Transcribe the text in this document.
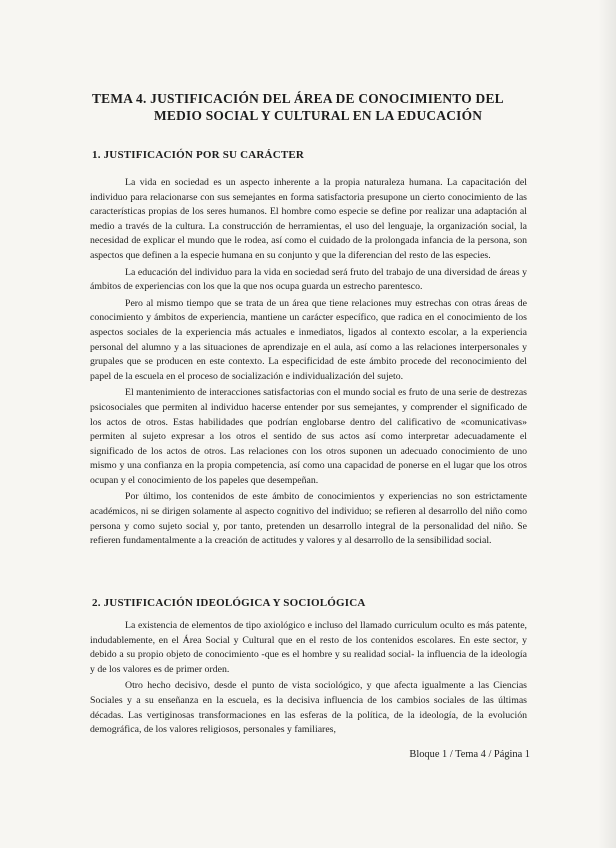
TEMA 4. JUSTIFICACIÓN DEL ÁREA DE CONOCIMIENTO DEL
MEDIO SOCIAL Y CULTURAL EN LA EDUCACIÓN
1. JUSTIFICACIÓN POR SU CARÁCTER

La vida en sociedad es un aspecto inherente a la propia naturaleza humana. La capacitación del individuo para relacionarse con sus semejantes en forma satisfactoria presupone un cierto conocimiento de las características propias de los seres humanos. El hombre como especie se define por realizar una adaptación al medio a través de la cultura. La construcción de herramientas, el uso del lenguaje, la organización social, la necesidad de explicar el mundo que le rodea, así como el cuidado de la prolongada infancia de la persona, son aspectos que definen a la especie humana en su conjunto y que la diferencian del resto de las especies.

La educación del individuo para la vida en sociedad será fruto del trabajo de una diversidad de áreas y ámbitos de experiencias con los que la que nos ocupa guarda un estrecho parentesco.

Pero al mismo tiempo que se trata de un área que tiene relaciones muy estrechas con otras áreas de conocimiento y ámbitos de experiencia, mantiene un carácter específico, que radica en el conocimiento de los aspectos sociales de la experiencia más actuales e inmediatos, ligados al contexto escolar, a la experiencia personal del alumno y a las situaciones de aprendizaje en el aula, así como a las relaciones interpersonales y grupales que se producen en este contexto. La especificidad de este ámbito procede del reconocimiento del papel de la escuela en el proceso de socialización e individualización del sujeto.

El mantenimiento de interacciones satisfactorias con el mundo social es fruto de una serie de destrezas psicosociales que permiten al individuo hacerse entender por sus semejantes, y comprender el significado de los actos de otros. Estas habilidades que podrían englobarse dentro del calificativo de «comunicativas» permiten al sujeto expresar a los otros el sentido de sus actos así como interpretar adecuadamente el significado de los actos de otros. Las relaciones con los otros suponen un adecuado conocimiento de uno mismo y una confianza en la propia competencia, así como una capacidad de ponerse en el lugar que los otros ocupan y el conocimiento de los papeles que desempeñan.

Por último, los contenidos de este ámbito de conocimientos y experiencias no son estrictamente académicos, ni se dirigen solamente al aspecto cognitivo del individuo; se refieren al desarrollo del niño como persona y como sujeto social y, por tanto, pretenden un desarrollo integral de la personalidad del niño. Se refieren fundamentalmente a la creación de actitudes y valores y al desarrollo de la sensibilidad social.

2. JUSTIFICACIÓN IDEOLÓGICA Y SOCIOLÓGICA

La existencia de elementos de tipo axiológico e incluso del llamado curriculum oculto es más patente, indudablemente, en el Área Social y Cultural que en el resto de los contenidos escolares. En este sector, y debido a su propio objeto de conocimiento -que es el hombre y su realidad social- la influencia de la ideología y de los valores es de primer orden.

Otro hecho decisivo, desde el punto de vista sociológico, y que afecta igualmente a las Ciencias Sociales y a su enseñanza en la escuela, es la decisiva influencia de los cambios sociales de las últimas décadas. Las vertiginosas transformaciones en las esferas de la política, de la ideología, de la evolución demográfica, de los valores religiosos, personales y familiares,

Bloque 1 / Tema 4 / Página 1
